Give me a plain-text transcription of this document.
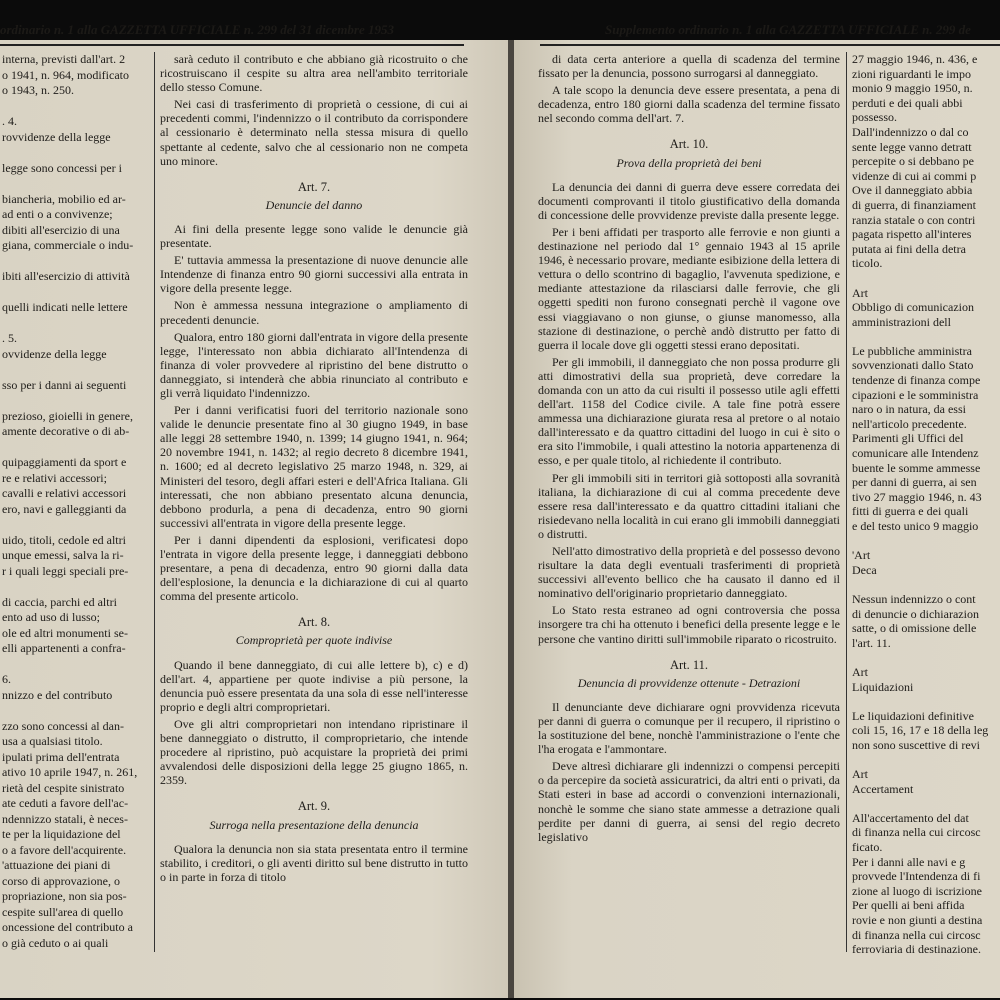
ordinario n. 1 alla GAZZETTA UFFICIALE n. 299 del 31 dicembre 1953	Supplemento ordinario n. 1 alla GAZZETTA UFFICIALE n. 299 de
interna, previsti dall'art. 2
o 1941, n. 964, modificato
o 1943, n. 250.

. 4.
rovvidenze della legge

legge sono concessi per i

biancheria, mobilio ed ar-
ad enti o a convivenze;
dibiti all'esercizio di una
giana, commerciale o indu-

ibiti all'esercizio di attività

quelli indicati nelle lettere

. 5.
ovvidenze della legge

sso per i danni ai seguenti

prezioso, gioielli in genere,
amente decorative o di ab-

quipaggiamenti da sport e
re e relativi accessori;
cavalli e relativi accessori
ero, navi e galleggianti da

uido, titoli, cedole ed altri
unque emessi, salva la ri-
r i quali leggi speciali pre-

di caccia, parchi ed altri
ento ad uso di lusso;
ole ed altri monumenti se-
elli appartenenti a confra-

6.
nnizzo e del contributo

zzo sono concessi al dan-
usa a qualsiasi titolo.
ipulati prima dell'entrata
ativo 10 aprile 1947, n. 261,
rietà del cespite sinistrato
ate ceduti a favore dell'ac-
ndennizzo statali, è neces-
te per la liquidazione del
o a favore dell'acquirente.
'attuazione dei piani di
corso di approvazione, o
propriazione, non sia pos-
cespite sull'area di quello
oncessione del contributo a
o già ceduto o ai quali

sarà ceduto il contributo e che abbiano già ricostruito o che ricostruiscano il cespite su altra area nell'ambito territoriale dello stesso Comune.

Nei casi di trasferimento di proprietà o cessione, di cui ai precedenti commi, l'indennizzo o il contributo da corrispondere al cessionario è determinato nella stessa misura di quello spettante al cedente, salvo che al cessionario non ne competa uno minore.

Art. 7.
Denuncie del danno

Ai fini della presente legge sono valide le denuncie già presentate.

E' tuttavia ammessa la presentazione di nuove denuncie alle Intendenze di finanza entro 90 giorni successivi alla entrata in vigore della presente legge.

Non è ammessa nessuna integrazione o ampliamento di precedenti denuncie.

Qualora, entro 180 giorni dall'entrata in vigore della presente legge, l'interessato non abbia dichiarato all'Intendenza di finanza di voler provvedere al ripristino del bene distrutto o danneggiato, si intenderà che abbia rinunciato al contributo e gli verrà liquidato l'indennizzo.

Per i danni verificatisi fuori del territorio nazionale sono valide le denuncie presentate fino al 30 giugno 1949, in base alle leggi 28 settembre 1940, n. 1399; 14 giugno 1941, n. 964; 20 novembre 1941, n. 1432; al regio decreto 8 dicembre 1941, n. 1600; ed al decreto legislativo 25 marzo 1948, n. 329, ai Ministeri del tesoro, degli affari esteri e dell'Africa Italiana. Gli interessati, che non abbiano presentato alcuna denuncia, debbono produrla, a pena di decadenza, entro 90 giorni successivi all'entrata in vigore della presente legge.

Per i danni dipendenti da esplosioni, verificatesi dopo l'entrata in vigore della presente legge, i danneggiati debbono presentare, a pena di decadenza, entro 90 giorni dalla data dell'esplosione, la denuncia e la dichiarazione di cui al quarto comma del presente articolo.

Art. 8.
Comproprietà per quote indivise

Quando il bene danneggiato, di cui alle lettere b), c) e d) dell'art. 4, appartiene per quote indivise a più persone, la denuncia può essere presentata da una sola di esse nell'interesse proprio e degli altri comproprietari.

Ove gli altri comproprietari non intendano ripristinare il bene danneggiato o distrutto, il comproprietario, che intende procedere al ripristino, può acquistare la proprietà dei primi avvalendosi delle disposizioni della legge 25 giugno 1865, n. 2359.

Art. 9.
Surroga nella presentazione della denuncia

Qualora la denuncia non sia stata presentata entro il termine stabilito, i creditori, o gli aventi diritto sul bene distrutto in tutto o in parte in forza di titolo

di data certa anteriore a quella di scadenza del termine fissato per la denuncia, possono surrogarsi al danneggiato.

A tale scopo la denuncia deve essere presentata, a pena di decadenza, entro 180 giorni dalla scadenza del termine fissato nel secondo comma dell'art. 7.

Art. 10.
Prova della proprietà dei beni

La denuncia dei danni di guerra deve essere corredata dei documenti comprovanti il titolo giustificativo della domanda di concessione delle provvidenze previste dalla presente legge.

Per i beni affidati per trasporto alle ferrovie e non giunti a destinazione nel periodo dal 1° gennaio 1943 al 15 aprile 1946, è necessario provare, mediante esibizione della lettera di vettura o dello scontrino di bagaglio, l'avvenuta spedizione, e mediante attestazione da rilasciarsi dalle ferrovie, che gli oggetti spediti non furono consegnati perchè il vagone ove essi viaggiavano o non giunse, o giunse manomesso, alla stazione di destinazione, o perchè andò distrutto per fatto di guerra il locale dove gli oggetti stessi erano depositati.

Per gli immobili, il danneggiato che non possa produrre gli atti dimostrativi della sua proprietà, deve corredare la domanda con un atto da cui risulti il possesso utile agli effetti dell'art. 1158 del Codice civile. A tale fine potrà essere ammessa una dichiarazione giurata resa al pretore o al notaio dall'interessato e da quattro cittadini del luogo in cui è sito o era sito l'immobile, i quali attestino la notoria appartenenza di esso, e per quale titolo, al richiedente il contributo.

Per gli immobili siti in territori già sottoposti alla sovranità italiana, la dichiarazione di cui al comma precedente deve essere resa dall'interessato e da quattro cittadini italiani che risiedevano nella località in cui erano gli immobili danneggiati o distrutti.

Nell'atto dimostrativo della proprietà e del possesso devono risultare la data degli eventuali trasferimenti di proprietà successivi all'evento bellico che ha causato il danno ed il nominativo dell'originario proprietario danneggiato.

Lo Stato resta estraneo ad ogni controversia che possa insorgere tra chi ha ottenuto i benefici della presente legge e le persone che vantino diritti sull'immobile riparato o ricostruito.

Art. 11.
Denuncia di provvidenze ottenute - Detrazioni

Il denunciante deve dichiarare ogni provvidenza ricevuta per danni di guerra o comunque per il recupero, il ripristino o la sostituzione del bene, nonchè l'amministrazione o l'ente che l'ha erogata e l'ammontare.

Deve altresì dichiarare gli indennizzi o compensi percepiti o da percepire da società assicuratrici, da altri enti o privati, da Stati esteri in base ad accordi o convenzioni internazionali, nonchè le somme che siano state ammesse a detrazione quali perdite per danni di guerra, ai sensi del regio decreto legislativo

27 maggio 1946, n. 436, e
zioni riguardanti le impo
monio 9 maggio 1950, n.
perduti e dei quali abbi
possesso.
Dall'indennizzo o dal co
sente legge vanno detratt
percepite o si debbano pe
videnze di cui ai commi p
Ove il danneggiato abbia
di guerra, di finanziament
ranzia statale o con contri
pagata rispetto all'interes
putata ai fini della detra
ticolo.

Art
Obbligo di comunicazion
amministrazioni dell

Le pubbliche amministra
sovvenzionati dallo Stato
tendenze di finanza compe
cipazioni e le somministra
naro o in natura, da essi
nell'articolo precedente.
Parimenti gli Uffici del
comunicare alle Intendenz
buente le somme ammesse
per danni di guerra, ai sen
tivo 27 maggio 1946, n. 43
fitti di guerra e dei quali
e del testo unico 9 maggio

'Art
Deca

Nessun indennizzo o cont
di denuncie o dichiarazion
satte, o di omissione delle
l'art. 11.

Art
Liquidazioni

Le liquidazioni definitive
coli 15, 16, 17 e 18 della leg
non sono suscettive di revi

Art
Accertament

All'accertamento del dat
di finanza nella cui circosc
ficato.
Per i danni alle navi e g
provvede l'Intendenza di fi
zione al luogo di iscrizione
Per quelli ai beni affida
rovie e non giunti a destina
di finanza nella cui circosc
ferroviaria di destinazione.
